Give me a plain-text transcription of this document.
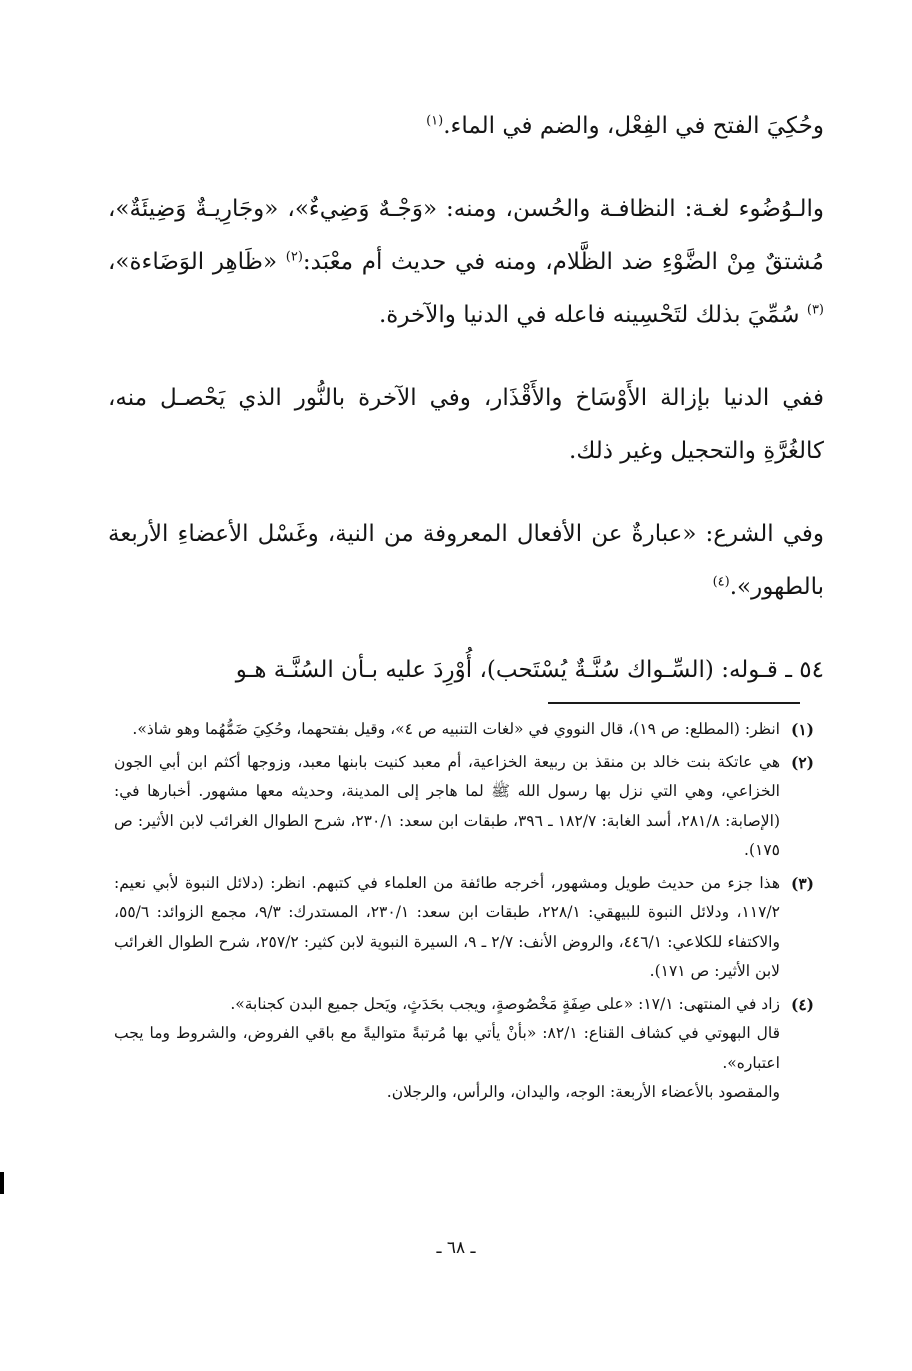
وحُكِيَ الفتح في الفِعْل، والضم في الماء.$^{(١)}$

والـوُضُوء لغـة: النظافـة والحُسن، ومنه: «وَجْـهٌ وَضِيءٌ»، «وجَارِيـةٌ وَضِيئَةٌ»، مُشتقٌ مِنْ الضَّوْءِ ضد الظَّلام، ومنه في حديث أم معْبَد:$^{(٢)}$ «ظَاهِر الوَضَاءة»،$^{(٣)}$ سُمِّيَ بذلك لتَحْسِينه فاعله في الدنيا والآخرة.

ففي الدنيا بإزالة الأَوْسَاخ والأَقْذَار، وفي الآخرة بالنُّور الذي يَحْصـل منه، كالغُرَّةِ والتحجيل وغير ذلك.

وفي الشرع: «عبارةٌ عن الأفعال المعروفة من النية، وغَسْل الأعضاءِ الأربعة بالطهور».$^{(٤)}$

٥٤ ـ قـوله: (السِّـواك سُنَّـةٌ يُسْتَحب)، أُوْرِدَ عليه بـأن السُنَّـة هـو

(١)
انظر: (المطلع: ص ١٩)، قال النووي في «لغات التنبيه ص ٤»، وقيل بفتحهما، وحُكِيَ ضَمُّهُما وهو شاذ».
(٢)
هي عاتكة بنت خالد بن منقذ بن ربيعة الخزاعية، أم معبد كنيت بابنها معبد، وزوجها أكثم ابن أبي الجون الخزاعي، وهي التي نزل بها رسول الله ﷺ لما هاجر إلى المدينة، وحديثه معها مشهور. أخبارها في: (الإصابة: ٢٨١/٨، أسد الغابة: ١٨٢/٧ ـ ٣٩٦، طبقات ابن سعد: ٢٣٠/١، شرح الطوال الغرائب لابن الأثير: ص ١٧٥).
(٣)
هذا جزء من حديث طويل ومشهور، أخرجه طائفة من العلماء في كتبهم. انظر: (دلائل النبوة لأبي نعيم: ١١٧/٢، ودلائل النبوة للبيهقي: ٢٢٨/١، طبقات ابن سعد: ٢٣٠/١، المستدرك: ٩/٣، مجمع الزوائد: ٥٥/٦، والاكتفاء للكلاعي: ٤٤٦/١، والروض الأنف: ٢/٧ ـ ٩، السيرة النبوية لابن كثير: ٢٥٧/٢، شرح الطوال الغرائب لابن الأثير: ص ١٧١).
(٤)
زاد في المنتهى: ١٧/١: «على صِفَةٍ مَخْصُوصةٍ، ويجب بحَدَثٍ، ويَحل جميع البدن كجنابة».
قال البهوتي في كشاف القناع: ٨٢/١: «بأنْ يأتي بها مُرتبةً متواليةً مع باقي الفروض، والشروط وما يجب اعتباره».
والمقصود بالأعضاء الأربعة: الوجه، واليدان، والرأس، والرجلان.
ـ ٦٨ ـ
